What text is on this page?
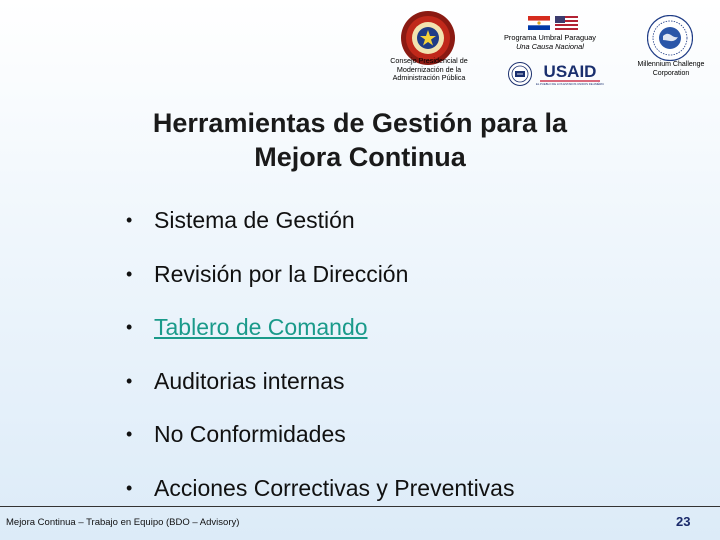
Consejo Presidencial de
Modernización de la
Administración Pública
Programa Umbral Paraguay
Una Causa Nacional
USAID
DEL PUEBLO DE LOS ESTADOS UNIDOS DE AMÉRICA
Millennium Challenge
Corporation
Herramientas de Gestión para la
Mejora Continua
• Sistema de Gestión
• Revisión por la Dirección
• Tablero de Comando
• Auditorias internas
• No Conformidades
• Acciones Correctivas y Preventivas
Mejora Continua – Trabajo en Equipo (BDO – Advisory)	23
